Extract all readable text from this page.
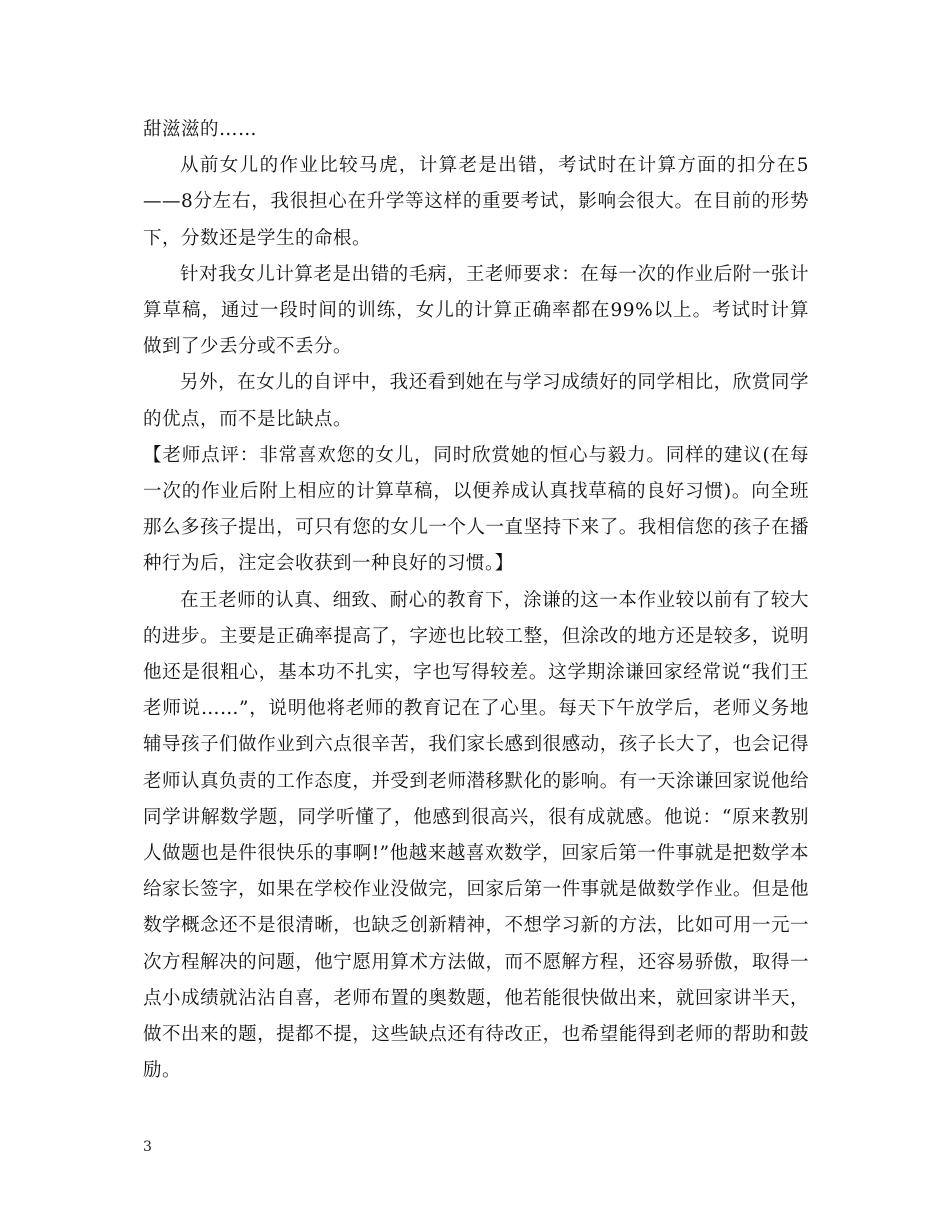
甜滋滋的……

从前女儿的作业比较马虎，计算老是出错，考试时在计算方面的扣分在5——8分左右，我很担心在升学等这样的重要考试，影响会很大。在目前的形势下，分数还是学生的命根。

针对我女儿计算老是出错的毛病，王老师要求：在每一次的作业后附一张计算草稿，通过一段时间的训练，女儿的计算正确率都在99%以上。考试时计算做到了少丢分或不丢分。

另外，在女儿的自评中，我还看到她在与学习成绩好的同学相比，欣赏同学的优点，而不是比缺点。

【老师点评：非常喜欢您的女儿，同时欣赏她的恒心与毅力。同样的建议(在每一次的作业后附上相应的计算草稿，以便养成认真找草稿的良好习惯)。向全班那么多孩子提出，可只有您的女儿一个人一直坚持下来了。我相信您的孩子在播种行为后，注定会收获到一种良好的习惯。】

在王老师的认真、细致、耐心的教育下，涂谦的这一本作业较以前有了较大的进步。主要是正确率提高了，字迹也比较工整，但涂改的地方还是较多，说明他还是很粗心，基本功不扎实，字也写得较差。这学期涂谦回家经常说“我们王老师说……”，说明他将老师的教育记在了心里。每天下午放学后，老师义务地辅导孩子们做作业到六点很辛苦，我们家长感到很感动，孩子长大了，也会记得老师认真负责的工作态度，并受到老师潜移默化的影响。有一天涂谦回家说他给同学讲解数学题，同学听懂了，他感到很高兴，很有成就感。他说：“原来教别人做题也是件很快乐的事啊!”他越来越喜欢数学，回家后第一件事就是把数学本给家长签字，如果在学校作业没做完，回家后第一件事就是做数学作业。但是他数学概念还不是很清晰，也缺乏创新精神，不想学习新的方法，比如可用一元一次方程解决的问题，他宁愿用算术方法做，而不愿解方程，还容易骄傲，取得一点小成绩就沾沾自喜，老师布置的奥数题，他若能很快做出来，就回家讲半天，做不出来的题，提都不提，这些缺点还有待改正，也希望能得到老师的帮助和鼓励。

3
